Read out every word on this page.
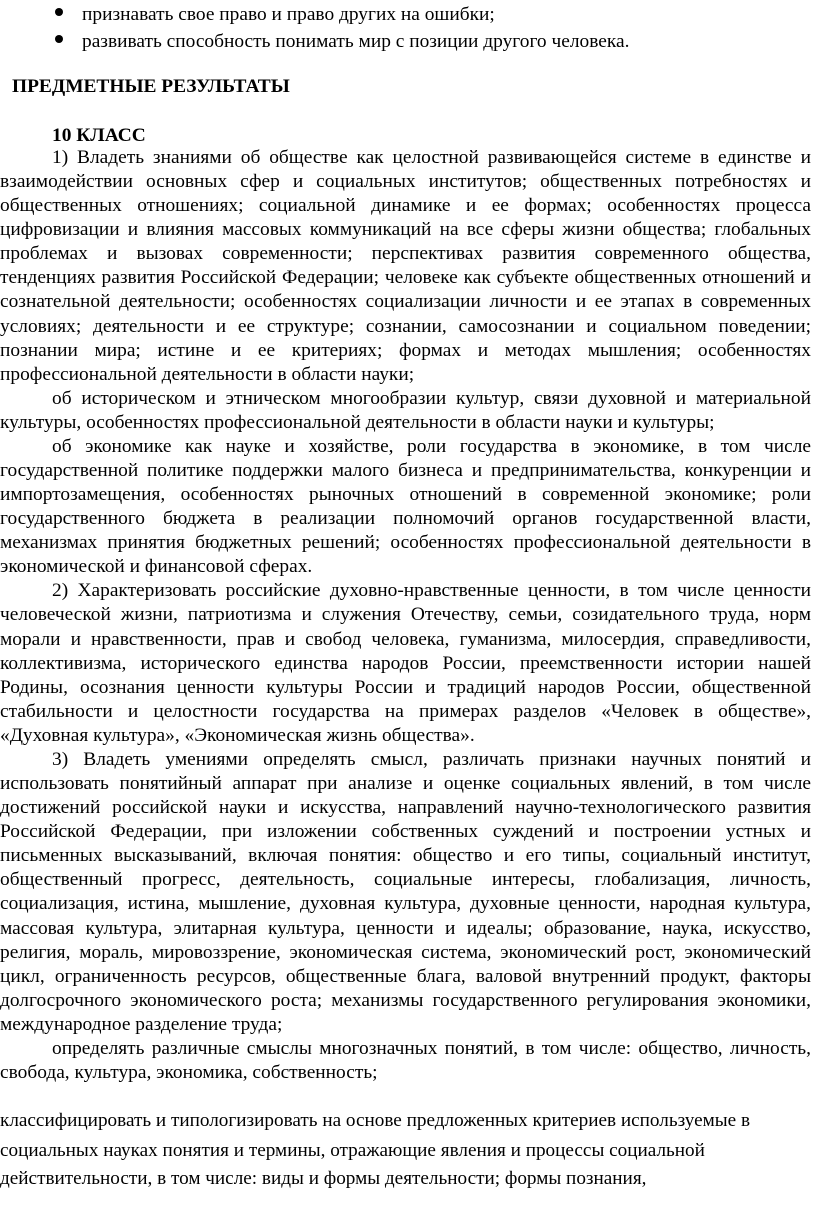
признавать свое право и право других на ошибки;
развивать способность понимать мир с позиции другого человека.
ПРЕДМЕТНЫЕ РЕЗУЛЬТАТЫ
10 КЛАСС

1) Владеть знаниями об обществе как целостной развивающейся системе в единстве и взаимодействии основных сфер и социальных институтов; общественных потребностях и общественных отношениях; социальной динамике и ее формах; особенностях процесса цифровизации и влияния массовых коммуникаций на все сферы жизни общества; глобальных проблемах и вызовах современности; перспективах развития современного общества, тенденциях развития Российской Федерации; человеке как субъекте общественных отношений и сознательной деятельности; особенностях социализации личности и ее этапах в современных условиях; деятельности и ее структуре; сознании, самосознании и социальном поведении; познании мира; истине и ее критериях; формах и методах мышления; особенностях профессиональной деятельности в области науки;

об историческом и этническом многообразии культур, связи духовной и материальной культуры, особенностях профессиональной деятельности в области науки и культуры;

об экономике как науке и хозяйстве, роли государства в экономике, в том числе государственной политике поддержки малого бизнеса и предпринимательства, конкуренции и импортозамещения, особенностях рыночных отношений в современной экономике; роли государственного бюджета в реализации полномочий органов государственной власти, механизмах принятия бюджетных решений; особенностях профессиональной деятельности в экономической и финансовой сферах.

2) Характеризовать российские духовно-нравственные ценности, в том числе ценности человеческой жизни, патриотизма и служения Отечеству, семьи, созидательного труда, норм морали и нравственности, прав и свобод человека, гуманизма, милосердия, справедливости, коллективизма, исторического единства народов России, преемственности истории нашей Родины, осознания ценности культуры России и традиций народов России, общественной стабильности и целостности государства на примерах разделов «Человек в обществе», «Духовная культура», «Экономическая жизнь общества».

3) Владеть умениями определять смысл, различать признаки научных понятий и использовать понятийный аппарат при анализе и оценке социальных явлений, в том числе достижений российской науки и искусства, направлений научно-технологического развития Российской Федерации, при изложении собственных суждений и построении устных и письменных высказываний, включая понятия: общество и его типы, социальный институт, общественный прогресс, деятельность, социальные интересы, глобализация, личность, социализация, истина, мышление, духовная культура, духовные ценности, народная культура, массовая культура, элитарная культура, ценности и идеалы; образование, наука, искусство, религия, мораль, мировоззрение, экономическая система, экономический рост, экономический цикл, ограниченность ресурсов, общественные блага, валовой внутренний продукт, факторы долгосрочного экономического роста; механизмы государственного регулирования экономики, международное разделение труда;

определять различные смыслы многозначных понятий, в том числе: общество, личность, свобода, культура, экономика, собственность;

классифицировать и типологизировать на основе предложенных критериев используемые в
социальных науках понятия и термины, отражающие явления и процессы социальной
действительности, в том числе: виды и формы деятельности; формы познания,
